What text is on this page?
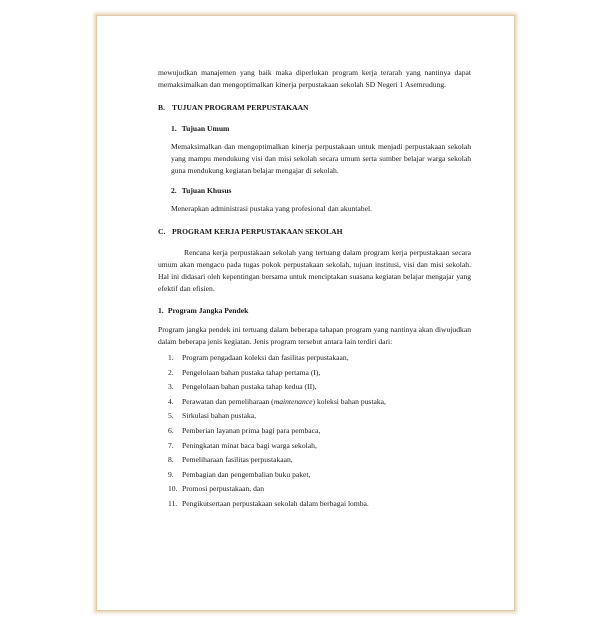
mewujudkan manajemen yang baik maka diperlukan program kerja terarah yang nantinya dapat memaksimalkan dan mengoptimalkan kinerja perpustakaan sekolah SD Negeri 1 Asemrudung.

B. TUJUAN PROGRAM PERPUSTAKAAN
1. Tujuan Umum

Memaksimalkan dan mengoptimalkan kinerja perpustakaan untuk menjadi perpustakaan sekolah yang mampu mendukung visi dan misi sekolah secara umum serta sumber belajar warga sekolah guna mendukung kegiatan belajar mengajar di sekolah.

2. Tujuan Khusus

Menerapkan administrasi pustaka yang profesional dan akuntabel.

C. PROGRAM KERJA PERPUSTAKAAN SEKOLAH

Rencana kerja perpustakaan sekolah yang tertuang dalam program kerja perpustakaan secara umum akan mengacu pada tugas pokok perpustakaan sekolah, tujuan institusi, visi dan misi sekolah. Hal ini didasari oleh kepentingan bersama untuk menciptakan suasana kegiatan belajar mengajar yang efektif dan efisien.

1. Program Jangka Pendek

Program jangka pendek ini tertuang dalam beberapa tahapan program yang nantinya akan diwujudkan dalam beberapa jenis kegiatan. Jenis program tersebut antara lain terdiri dari:

1.	Program pengadaan koleksi dan fasilitas perpustakaan,
2.	Pengelolaan bahan pustaka tahap pertama (I),
3.	Pengelolaan bahan pustaka tahap kedua (II),
4.	Perawatan dan pemeliharaan (maintenance) koleksi bahan pustaka,
5.	Sirkulasi bahan pustaka,
6.	Pemberian layanan prima bagi para pembaca,
7.	Peningkatan minat baca bagi warga sekolah,
8.	Pemeliharaan fasilitas perpustakaan,
9.	Pembagian dan pengembalian buku paket,
10. Promosi perpustakaan, dan
11. Pengikutsertaan perpustakaan sekolah dalam berbagai lomba.
